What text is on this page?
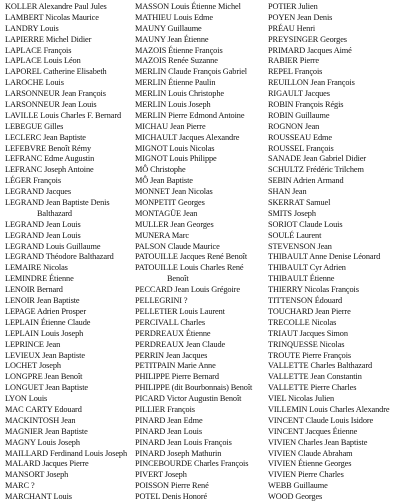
KOLLER Alexandre Paul Jules
LAMBERT Nicolas Maurice
LANDRY Louis
LAPIERRE Michel Didier
LAPLACE François
LAPLACE Louis Léon
LAPOREL Catherine Elisabeth
LAROCHE Louis
LARSONNEUR Jean François
LARSONNEUR Jean Louis
LAVILLE Louis Charles F. Bernard
LEBEGUE Gilles
LECLERC Jean Baptiste
LEFEBVRE Benoît Rémy
LEFRANC Edme Augustin
LEFRANC Joseph Antoine
LÉGER François
LEGRAND Jacques
LEGRAND Jean Baptiste Denis
Balthazard
LEGRAND Jean Louis
LEGRAND Jean Louis
LEGRAND Louis Guillaume
LEGRAND Théodore Balthazard
LEMAIRE Nicolas
LEMINDRE Étienne
LENOIR Bernard
LENOIR Jean Baptiste
LEPAGE Adrien Prosper
LEPLAIN Étienne Claude
LEPLAIN Louis Joseph
LEPRINCE Jean
LEVIEUX Jean Baptiste
LOCHET Joseph
LONGPRE Jean Benoît
LONGUET Jean Baptiste
LYON Louis
MAC CARTY Edouard
MACKINTOSH Jean
MAGNIER Jean Baptiste
MAGNY Louis Joseph
MAILLARD Ferdinand Louis Joseph
MALARD Jacques Pierre
MANSORT Joseph
MARC ?
MARCHANT Louis
MASSON Louis Étienne Michel
MATHIEU Louis Edme
MAUNY Guillaume
MAUNY Jean Étienne
MAZOIS Étienne François
MAZOIS Renée Suzanne
MERLIN Claude François Gabriel
MERLIN Étienne Paulin
MERLIN Louis Christophe
MERLIN Louis Joseph
MERLIN Pierre Edmond Antoine
MICHAU Jean Pierre
MICHAULT Jacques Alexandre
MIGNOT Louis Nicolas
MIGNOT Louis Philippe
MÔ Christophe
MÔ Jean Baptiste
MONNET Jean Nicolas
MONPETIT Georges
MONTAGÜE Jean
MULLER Jean Georges
MUNERA Marc
PALSON Claude Maurice
PATOUILLE Jacques René Benoît
PATOUILLE Louis Charles René
Benoît
PECCARD Jean Louis Grégoire
PELLEGRINI ?
PELLETIER Louis Laurent
PERCIVALL Charles
PERDREAUX Étienne
PERDREAUX Jean Claude
PERRIN Jean Jacques
PETITPAIN Marie Anne
PHILIPPE Pierre Bernard
PHILIPPE (dit Bourbonnais) Benoît
PICARD Victor Augustin Benoît
PILLIER François
PINARD Jean Edme
PINARD Jean Louis
PINARD Jean Louis François
PINARD Joseph Mathurin
PINCEBOURDE Charles François
PIVERT Joseph
POISSON Pierre René
POTEL Denis Honoré
POTIER Julien
POYEN Jean Denis
PRÉAU Henri
PREYSINGER Georges
PRIMARD Jacques Aimé
RABIER Pierre
REPEL François
REUILLON Jean François
RIGAULT Jacques
ROBIN François Régis
ROBIN Guillaume
ROGNON Jean
ROUSSEAU Edme
ROUSSEL François
SANADE Jean Gabriel Didier
SCHULTZ Frédéric Trilchem
SEBIN Adrien Armand
SHAN Jean
SKERRAT Samuel
SMITS Joseph
SORIOT Claude Louis
SOULÉ Laurent
STEVENSON Jean
THIBAULT Anne Denise Léonard
THIBAULT Cyr Adrien
THIBAULT Étienne
THIERRY Nicolas François
TITTENSON Édouard
TOUCHARD Jean Pierre
TRECOLLE Nicolas
TRIAUT Jacques Simon
TRINQUESSE Nicolas
TROUTE Pierre François
VALLETTE Charles Balthazard
VALLETTE Jean Constantin
VALLETTE Pierre Charles
VIEL Nicolas Julien
VILLEMIN Louis Charles Alexandre
VINCENT Claude Louis Isidore
VINCENT Jacques Étienne
VIVIEN Charles Jean Baptiste
VIVIEN Claude Abraham
VIVIEN Étienne Georges
VIVIEN Pierre Charles
WEBB Guillaume
WOOD Georges
